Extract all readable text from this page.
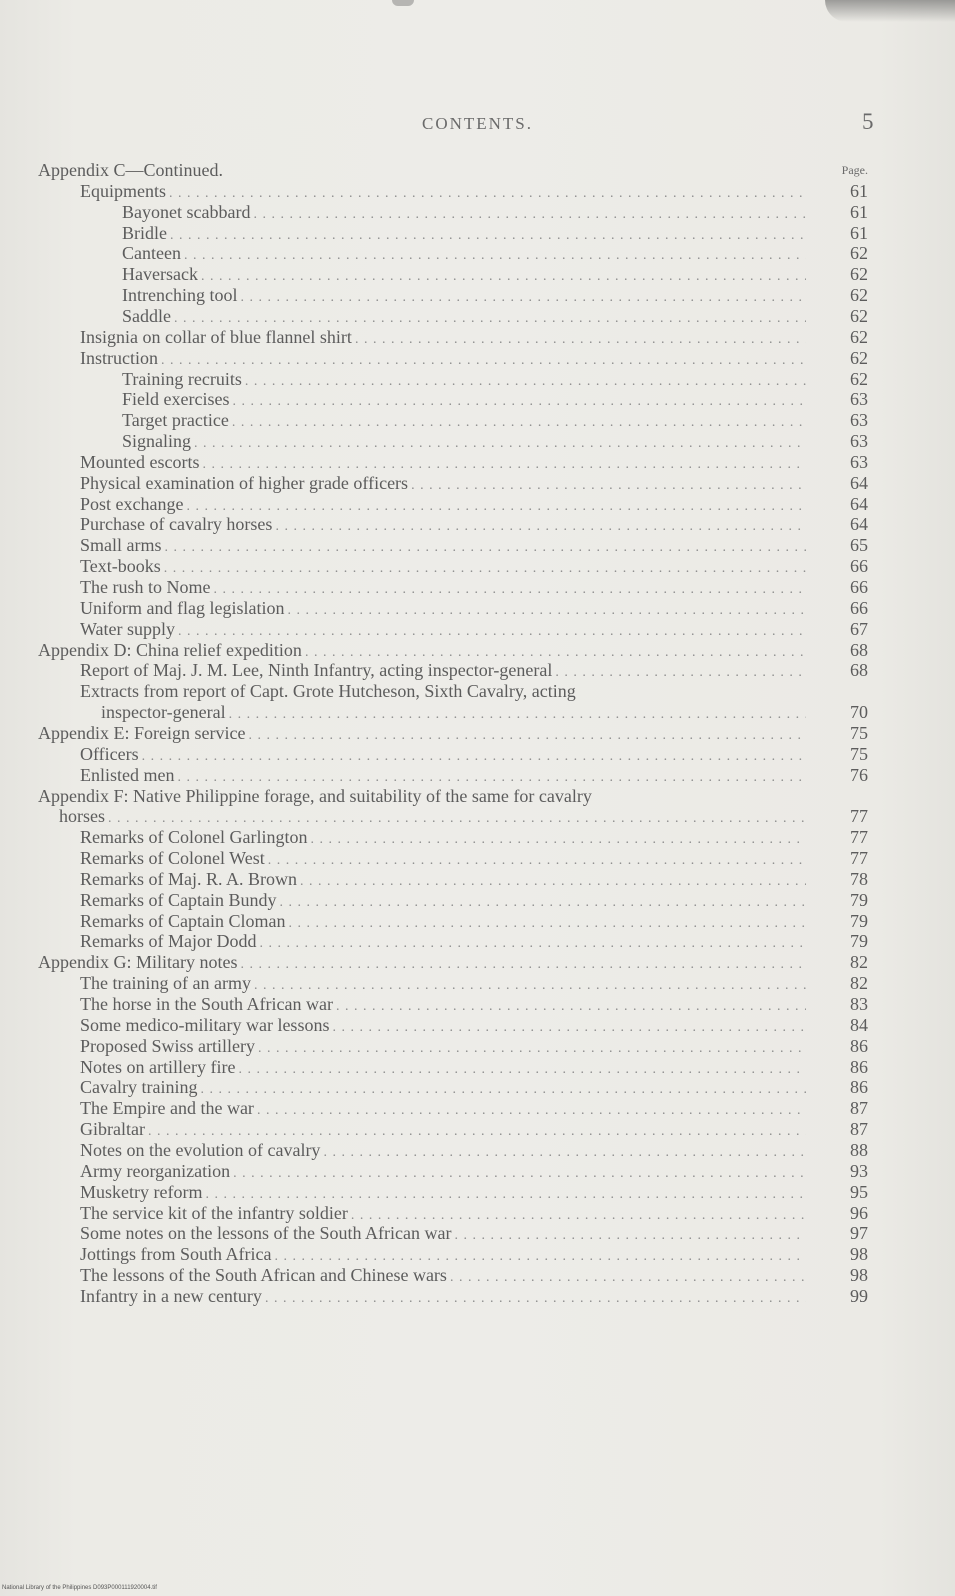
CONTENTS.	5
Page.
Appendix C—Continued.
Equipments . . .	61
Bayonet scabbard . . .	61
Bridle . . .	61
Canteen . . .	62
Haversack . . .	62
Intrenching tool . . .	62
Saddle . . .	62
Insignia on collar of blue flannel shirt . . .	62
Instruction . . .	62
Training recruits . . .	62
Field exercises . . .	63
Target practice . . .	63
Signaling . . .	63
Mounted escorts . . .	63
Physical examination of higher grade officers . . .	64
Post exchange . . .	64
Purchase of cavalry horses . . .	64
Small arms . . .	65
Text-books . . .	66
The rush to Nome . . .	66
Uniform and flag legislation . . .	66
Water supply . . .	67
Appendix D: China relief expedition . . .	68
Report of Maj. J. M. Lee, Ninth Infantry, acting inspector-general . . .	68
Extracts from report of Capt. Grote Hutcheson, Sixth Cavalry, acting
inspector-general . . .	70
Appendix E: Foreign service . . .	75
Officers . . .	75
Enlisted men . . .	76
Appendix F: Native Philippine forage, and suitability of the same for cavalry
horses . . .	77
Remarks of Colonel Garlington . . .	77
Remarks of Colonel West . . .	77
Remarks of Maj. R. A. Brown . . .	78
Remarks of Captain Bundy . . .	79
Remarks of Captain Cloman . . .	79
Remarks of Major Dodd . . .	79
Appendix G: Military notes . . .	82
The training of an army . . .	82
The horse in the South African war . . .	83
Some medico-military war lessons . . .	84
Proposed Swiss artillery . . .	86
Notes on artillery fire . . .	86
Cavalry training . . .	86
The Empire and the war . . .	87
Gibraltar . . .	87
Notes on the evolution of cavalry . . .	88
Army reorganization . . .	93
Musketry reform . . .	95
The service kit of the infantry soldier . . .	96
Some notes on the lessons of the South African war . . .	97
Jottings from South Africa . . .	98
The lessons of the South African and Chinese wars . . .	98
Infantry in a new century . . .	99
National Library of the Philippines D093P000111920004.tif
